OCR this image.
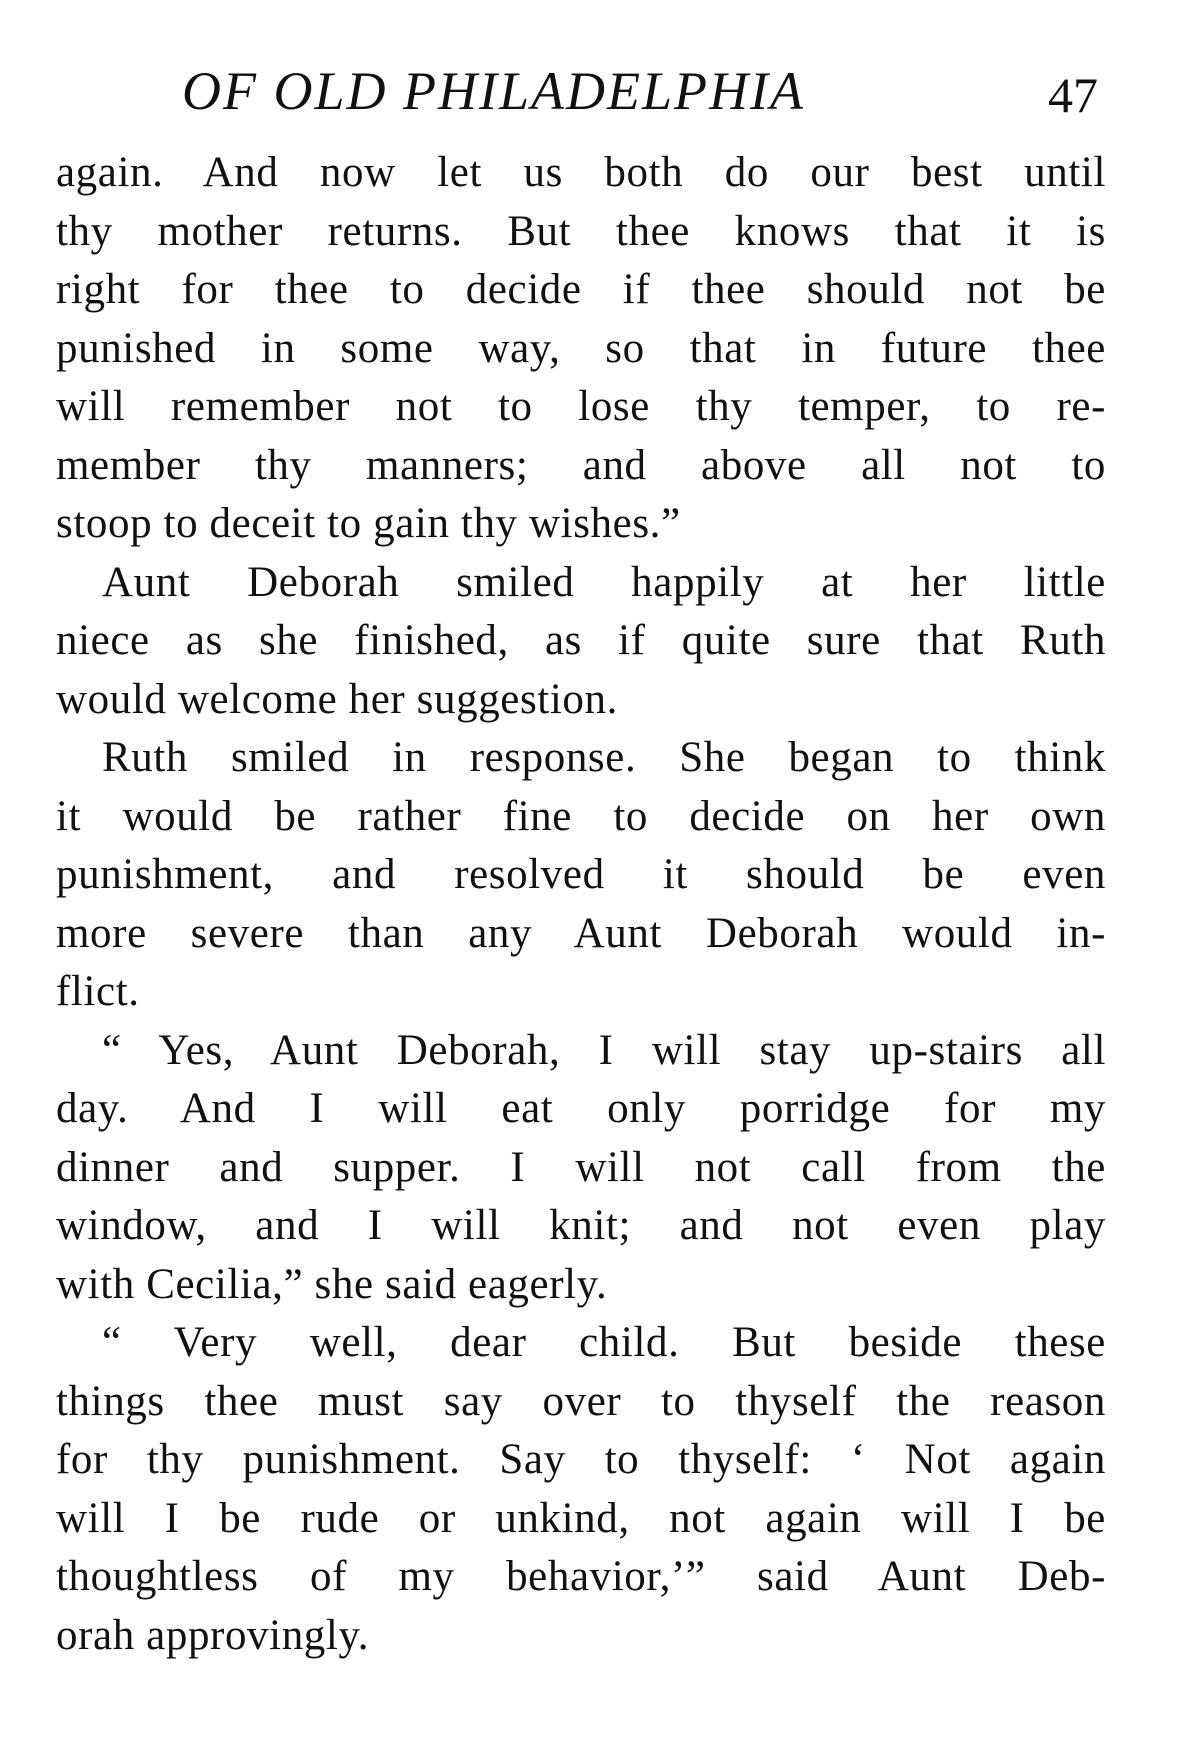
OF OLD PHILADELPHIA	47
again. And now let us both do our best until
thy mother returns. But thee knows that it is
right for thee to decide if thee should not be
punished in some way, so that in future thee
will remember not to lose thy temper, to re-
member thy manners; and above all not to
stoop to deceit to gain thy wishes.”
Aunt Deborah smiled happily at her little
niece as she finished, as if quite sure that Ruth
would welcome her suggestion.
Ruth smiled in response. She began to think
it would be rather fine to decide on her own
punishment, and resolved it should be even
more severe than any Aunt Deborah would in-
flict.
“ Yes, Aunt Deborah, I will stay up-stairs all
day. And I will eat only porridge for my
dinner and supper. I will not call from the
window, and I will knit; and not even play
with Cecilia,” she said eagerly.
“ Very well, dear child. But beside these
things thee must say over to thyself the reason
for thy punishment. Say to thyself: ‘ Not again
will I be rude or unkind, not again will I be
thoughtless of my behavior,’” said Aunt Deb-
orah approvingly.
